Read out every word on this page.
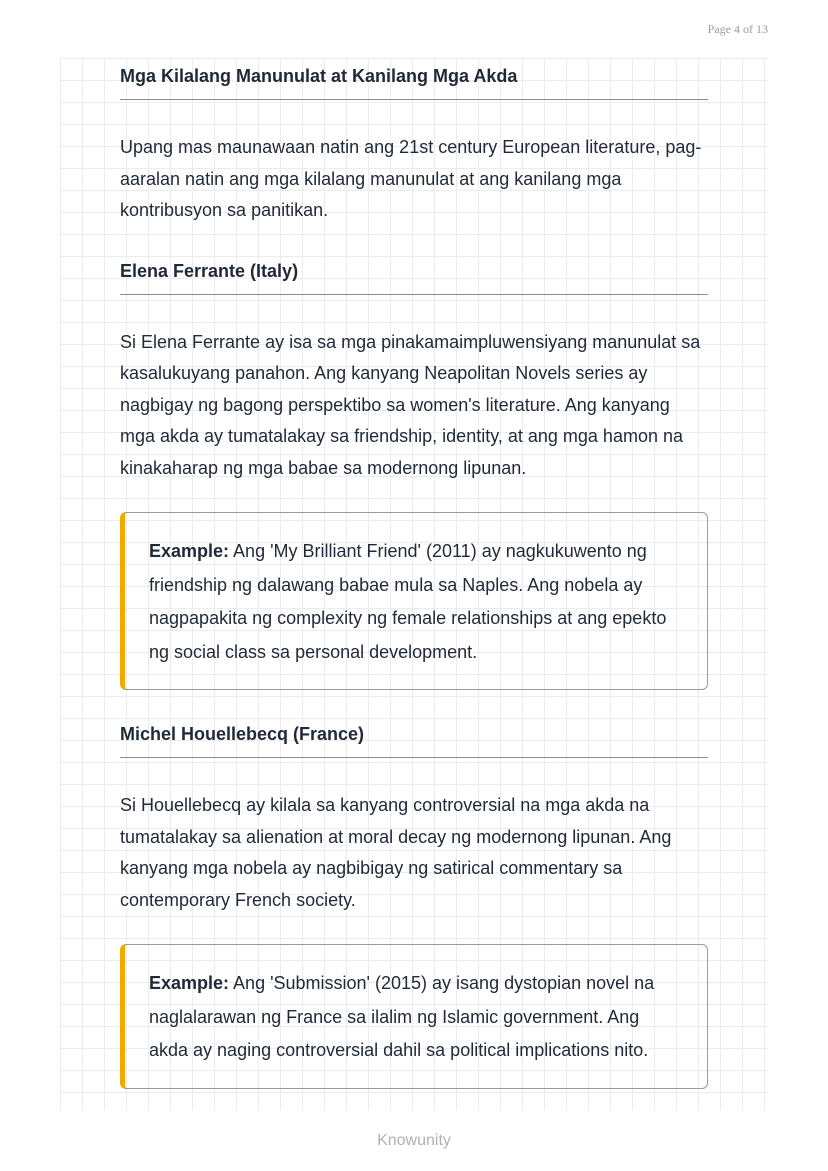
Page 4 of 13
Mga Kilalang Manunulat at Kanilang Mga Akda

Upang mas maunawaan natin ang 21st century European literature, pag-aaralan natin ang mga kilalang manunulat at ang kanilang mga kontribusyon sa panitikan.

Elena Ferrante (Italy)

Si Elena Ferrante ay isa sa mga pinakamaimpluwensiyang manunulat sa kasalukuyang panahon. Ang kanyang Neapolitan Novels series ay nagbigay ng bagong perspektibo sa women's literature. Ang kanyang mga akda ay tumatalakay sa friendship, identity, at ang mga hamon na kinakaharap ng mga babae sa modernong lipunan.

Example: Ang 'My Brilliant Friend' (2011) ay nagkukuwento ng friendship ng dalawang babae mula sa Naples. Ang nobela ay nagpapakita ng complexity ng female relationships at ang epekto ng social class sa personal development.
Michel Houellebecq (France)

Si Houellebecq ay kilala sa kanyang controversial na mga akda na tumatalakay sa alienation at moral decay ng modernong lipunan. Ang kanyang mga nobela ay nagbibigay ng satirical commentary sa contemporary French society.

Example: Ang 'Submission' (2015) ay isang dystopian novel na naglalarawan ng France sa ilalim ng Islamic government. Ang akda ay naging controversial dahil sa political implications nito.
Knowunity
